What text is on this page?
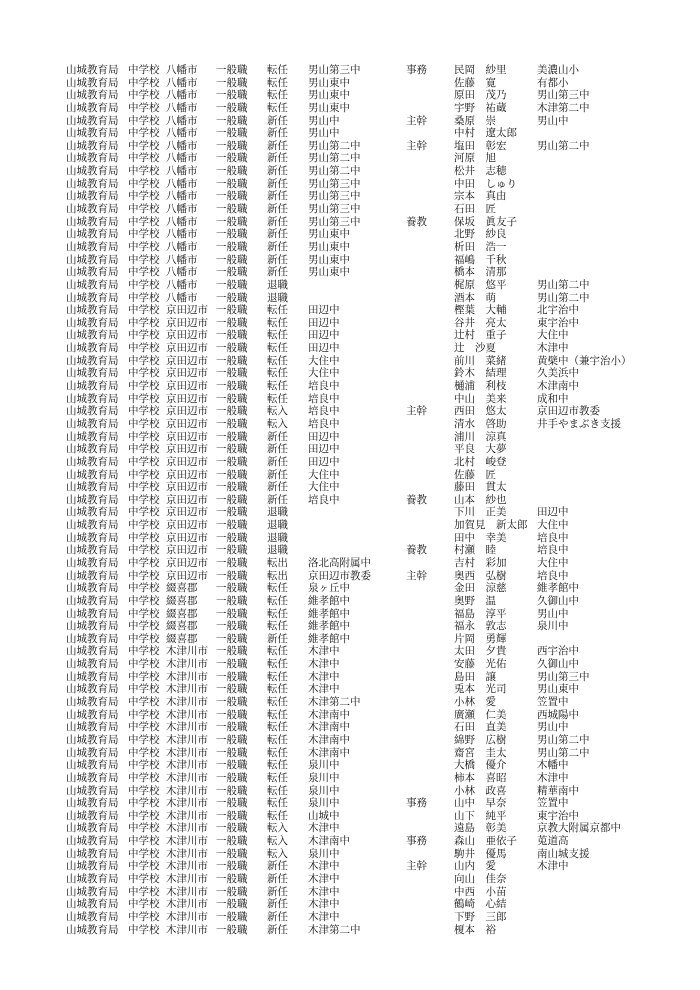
山城教育局 中学校 八幡市 一般職 転任 男山第三中	事務	民岡　紗里	美濃山小
山城教育局 中学校 八幡市 一般職 転任 男山東中	佐藤　寛	有都小
山城教育局 中学校 八幡市 一般職 転任 男山東中	原田　茂乃	男山第三中
山城教育局 中学校 八幡市 一般職 転任 男山東中	宇野　祐蔵	木津第二中
山城教育局 中学校 八幡市 一般職 新任 男山中	主幹	桑原　崇	男山中
山城教育局 中学校 八幡市 一般職 新任 男山中	中村　遼太郎
山城教育局 中学校 八幡市 一般職 新任 男山第二中	主幹	塩田　彰宏	男山第二中
山城教育局 中学校 八幡市 一般職 新任 男山第二中	河原　旭
山城教育局 中学校 八幡市 一般職 新任 男山第二中	松井　志穂
山城教育局 中学校 八幡市 一般職 新任 男山第三中	中田　しゅり
山城教育局 中学校 八幡市 一般職 新任 男山第三中	宗本　真由
山城教育局 中学校 八幡市 一般職 新任 男山第三中	石田　匠
山城教育局 中学校 八幡市 一般職 新任 男山第三中	養教	保坂　眞友子
山城教育局 中学校 八幡市 一般職 新任 男山東中	北野　紗良
山城教育局 中学校 八幡市 一般職 新任 男山東中	析田　浩一
山城教育局 中学校 八幡市 一般職 新任 男山東中	福嶋　千秋
山城教育局 中学校 八幡市 一般職 新任 男山東中	橋本　清那
山城教育局 中学校 八幡市 一般職 退職	梶原　悠平	男山第二中
山城教育局 中学校 八幡市 一般職 退職	酒本　萌	男山第二中
山城教育局 中学校 京田辺市 一般職 転任 田辺中	樫葉　大輔	北宇治中
山城教育局 中学校 京田辺市 一般職 転任 田辺中	谷井　亮太	東宇治中
山城教育局 中学校 京田辺市 一般職 転任 田辺中	辻村　重子	大住中
山城教育局 中学校 京田辺市 一般職 転任 田辺中	辻　沙夏	木津中
山城教育局 中学校 京田辺市 一般職 転任 大住中	前川　菜緒	黄檗中（兼宇治小）
山城教育局 中学校 京田辺市 一般職 転任 大住中	鈴木　結理	久美浜中
山城教育局 中学校 京田辺市 一般職 転任 培良中	樋浦　利枝	木津南中
山城教育局 中学校 京田辺市 一般職 転任 培良中	中山　美来	成和中
山城教育局 中学校 京田辺市 一般職 転入 培良中	主幹	西田　悠太	京田辺市教委
山城教育局 中学校 京田辺市 一般職 転入 培良中	清水　啓助	井手やまぶき支援
山城教育局 中学校 京田辺市 一般職 新任 田辺中	浦川　涼真
山城教育局 中学校 京田辺市 一般職 新任 田辺中	平良　大夢
山城教育局 中学校 京田辺市 一般職 新任 田辺中	北村　峻登
山城教育局 中学校 京田辺市 一般職 新任 大住中	佐藤　匠
山城教育局 中学校 京田辺市 一般職 新任 大住中	藤田　貫太
山城教育局 中学校 京田辺市 一般職 新任 培良中	養教	山本　紗也
山城教育局 中学校 京田辺市 一般職 退職	下川　正美	田辺中
山城教育局 中学校 京田辺市 一般職 退職	加賀見　新太郎 大住中
山城教育局 中学校 京田辺市 一般職 退職	田中　幸美	培良中
山城教育局 中学校 京田辺市 一般職 退職	養教	村瀬　睦	培良中
山城教育局 中学校 京田辺市 一般職 転出 洛北高附属中	吉村　彩加	大住中
山城教育局 中学校 京田辺市 一般職 転出 京田辺市教委	主幹	奥西　弘樹	培良中
山城教育局 中学校 綴喜郡 一般職 転任 泉ヶ丘中	金田　涼慈	維孝館中
山城教育局 中学校 綴喜郡 一般職 転任 維孝館中	奥野　温	久御山中
山城教育局 中学校 綴喜郡 一般職 転任 維孝館中	福島　淳平	男山中
山城教育局 中学校 綴喜郡 一般職 転任 維孝館中	福永　敦志	泉川中
山城教育局 中学校 綴喜郡 一般職 新任 維孝館中	片岡　勇輝
山城教育局 中学校 木津川市 一般職 転任 木津中	太田　夕貴	西宇治中
山城教育局 中学校 木津川市 一般職 転任 木津中	安藤　光佑	久御山中
山城教育局 中学校 木津川市 一般職 転任 木津中	島田　譲	男山第三中
山城教育局 中学校 木津川市 一般職 転任 木津中	兎本　光司	男山東中
山城教育局 中学校 木津川市 一般職 転任 木津第二中	小林　愛	笠置中
山城教育局 中学校 木津川市 一般職 転任 木津南中	廣瀬　仁美	西城陽中
山城教育局 中学校 木津川市 一般職 転任 木津南中	石田　直美	男山中
山城教育局 中学校 木津川市 一般職 転任 木津南中	綿野　広樹	男山第二中
山城教育局 中学校 木津川市 一般職 転任 木津南中	齋宮　圭太	男山第二中
山城教育局 中学校 木津川市 一般職 転任 泉川中	大橋　優介	木幡中
山城教育局 中学校 木津川市 一般職 転任 泉川中	柿本　喜昭	木津中
山城教育局 中学校 木津川市 一般職 転任 泉川中	小林　政喜	精華南中
山城教育局 中学校 木津川市 一般職 転任 泉川中	事務	山中　早奈	笠置中
山城教育局 中学校 木津川市 一般職 転任 山城中	山下　純平	東宇治中
山城教育局 中学校 木津川市 一般職 転入 木津中	遠島　彰美	京教大附属京都中
山城教育局 中学校 木津川市 一般職 転入 木津南中	事務	森山　亜依子 莵道高
山城教育局 中学校 木津川市 一般職 転入 泉川中	駒井　優馬	南山城支援
山城教育局 中学校 木津川市 一般職 新任 木津中	主幹	山内　愛	木津中
山城教育局 中学校 木津川市 一般職 新任 木津中	向山　佳奈
山城教育局 中学校 木津川市 一般職 新任 木津中	中西　小苗
山城教育局 中学校 木津川市 一般職 新任 木津中	鶴崎　心結
山城教育局 中学校 木津川市 一般職 新任 木津中	下野　三郎
山城教育局 中学校 木津川市 一般職 新任 木津第二中	榎本　裕
